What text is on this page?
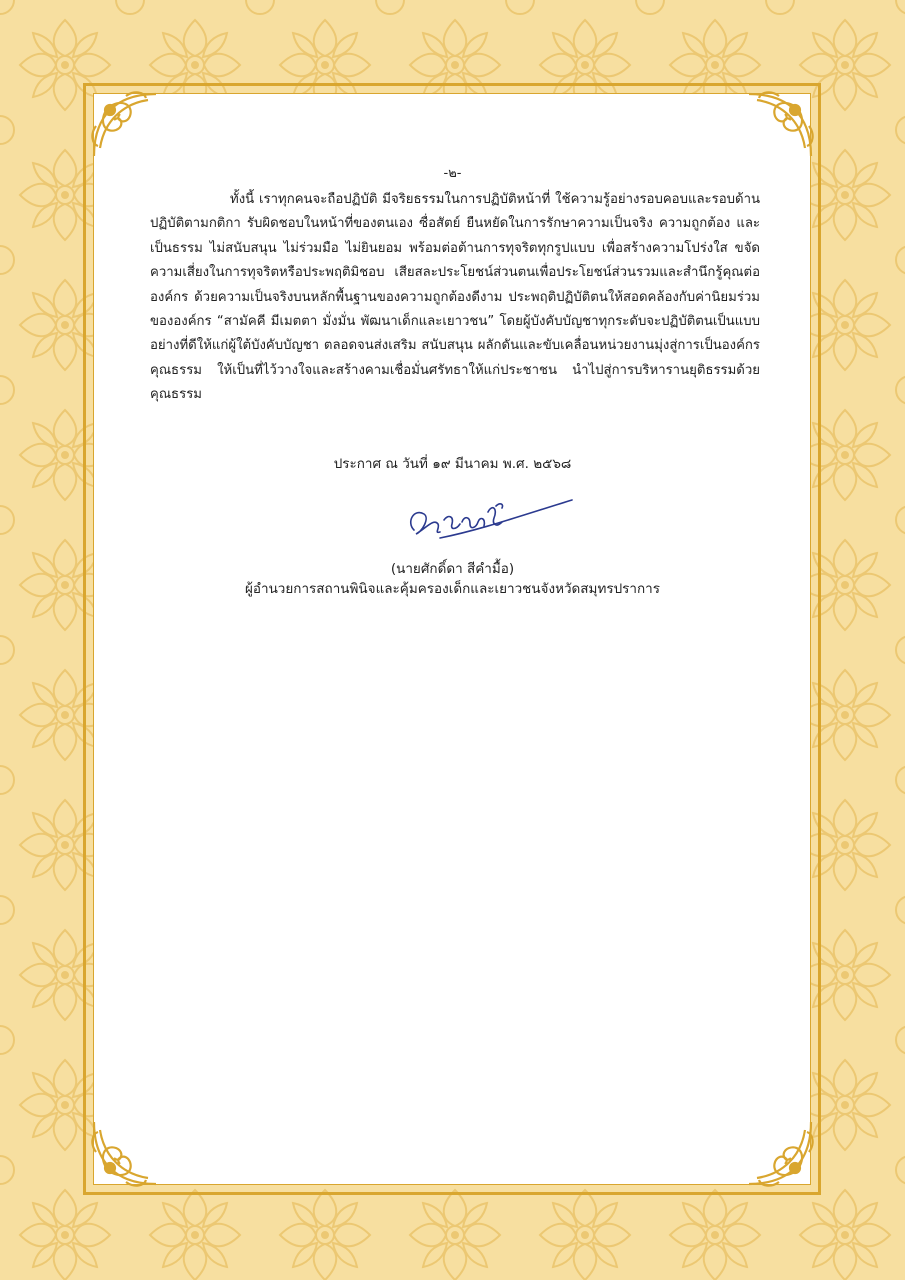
-๒-

ทั้งนี้ เราทุกคนจะถือปฏิบัติ มีจริยธรรมในการปฏิบัติหน้าที่ ใช้ความรู้อย่างรอบคอบและรอบด้าน ปฏิบัติตามกติกา รับผิดชอบในหน้าที่ของตนเอง ซื่อสัตย์ ยืนหยัดในการรักษาความเป็นจริง ความถูกต้อง และเป็นธรรม ไม่สนับสนุน ไม่ร่วมมือ ไม่ยินยอม พร้อมต่อต้านการทุจริตทุกรูปแบบ เพื่อสร้างความโปร่งใส ขจัดความเสี่ยงในการทุจริตหรือประพฤติมิชอบ เสียสละประโยชน์ส่วนตนเพื่อประโยชน์ส่วนรวมและสำนึกรู้คุณต่อองค์กร ด้วยความเป็นจริงบนหลักพื้นฐานของความถูกต้องดีงาม ประพฤติปฏิบัติตนให้สอดคล้องกับค่านิยมร่วมขององค์กร “สามัคคี มีเมตตา มั่งมั่น พัฒนาเด็กและเยาวชน” โดยผู้บังคับบัญชาทุกระดับจะปฏิบัติตนเป็นแบบอย่างที่ดีให้แก่ผู้ใต้บังคับบัญชา ตลอดจนส่งเสริม สนับสนุน ผลักดันและขับเคลื่อนหน่วยงานมุ่งสู่การเป็นองค์กรคุณธรรม ให้เป็นที่ไว้วางใจและสร้างคามเชื่อมั่นศรัทธาให้แก่ประชาชน นำไปสู่การบริหารานยุติธรรมด้วยคุณธรรม

ประกาศ ณ วันที่ ๑๙ มีนาคม พ.ศ. ๒๕๖๘
(นายศักดิ์ดา สีคำมื้อ)
ผู้อำนวยการสถานพินิจและคุ้มครองเด็กและเยาวชนจังหวัดสมุทรปราการ
